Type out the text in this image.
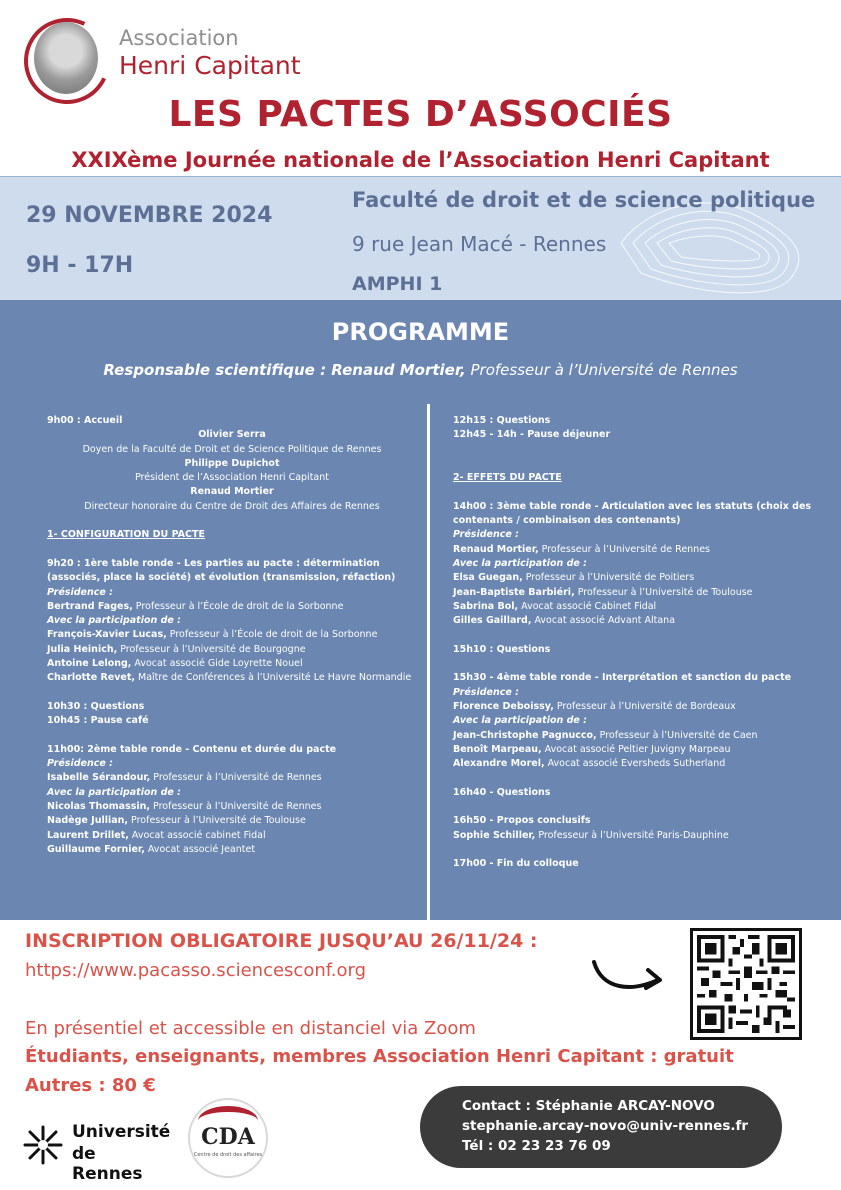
Association
Henri Capitant
LES PACTES D’ASSOCIÉS
XXIXème Journée nationale de l’Association Henri Capitant
29 NOVEMBRE 2024
9H - 17H
Faculté de droit et de science politique
9 rue Jean Macé - Rennes
AMPHI 1
PROGRAMME
Responsable scientifique : Renaud Mortier, Professeur à l’Université de Rennes
9h00 : Accueil
Olivier Serra
Doyen de la Faculté de Droit et de Science Politique de Rennes
Philippe Dupichot
Président de l’Association Henri Capitant
Renaud Mortier
Directeur honoraire du Centre de Droit des Affaires de Rennes
1- CONFIGURATION DU PACTE
9h20 : 1ère table ronde - Les parties au pacte : détermination (associés, place la société) et évolution (transmission, réfaction)
Présidence :
Bertrand Fages, Professeur à l’École de droit de la Sorbonne
Avec la participation de :
François-Xavier Lucas, Professeur à l’École de droit de la Sorbonne
Julia Heinich, Professeur à l’Université de Bourgogne
Antoine Lelong, Avocat associé Gide Loyrette Nouel
Charlotte Revet, Maître de Conférences à l’Université Le Havre Normandie
10h30 : Questions
10h45 : Pause café
11h00: 2ème table ronde - Contenu et durée du pacte
Présidence :
Isabelle Sérandour, Professeur à l’Université de Rennes
Avec la participation de :
Nicolas Thomassin, Professeur à l’Université de Rennes
Nadège Jullian, Professeur à l’Université de Toulouse
Laurent Drillet, Avocat associé cabinet Fidal
Guillaume Fornier, Avocat associé Jeantet
12h15 : Questions
12h45 - 14h - Pause déjeuner
2- EFFETS DU PACTE
14h00 : 3ème table ronde - Articulation avec les statuts (choix des contenants / combinaison des contenants)
Présidence :
Renaud Mortier, Professeur à l’Université de Rennes
Avec la participation de :
Elsa Guegan, Professeur à l’Université de Poitiers
Jean-Baptiste Barbiéri, Professeur à l’Université de Toulouse
Sabrina Bol, Avocat associé Cabinet Fidal
Gilles Gaillard, Avocat associé Advant Altana
15h10 : Questions
15h30 - 4ème table ronde - Interprétation et sanction du pacte
Présidence :
Florence Deboissy, Professeur à l’Université de Bordeaux
Avec la participation de :
Jean-Christophe Pagnucco, Professeur à l’Université de Caen
Benoît Marpeau, Avocat associé Peltier Juvigny Marpeau
Alexandre Morel, Avocat associé Eversheds Sutherland
16h40 - Questions
16h50 - Propos conclusifs
Sophie Schiller, Professeur à l’Université Paris-Dauphine
17h00 - Fin du colloque
INSCRIPTION OBLIGATOIRE JUSQU’AU 26/11/24 :
https://www.pacasso.sciencesconf.org
En présentiel et accessible en distanciel via Zoom
Étudiants, enseignants, membres Association Henri Capitant : gratuit
Autres : 80 €
Université
de Rennes
CDA
Centre de droit des affaires
Contact : Stéphanie ARCAY-NOVO
stephanie.arcay-novo@univ-rennes.fr
Tél : 02 23 23 76 09
